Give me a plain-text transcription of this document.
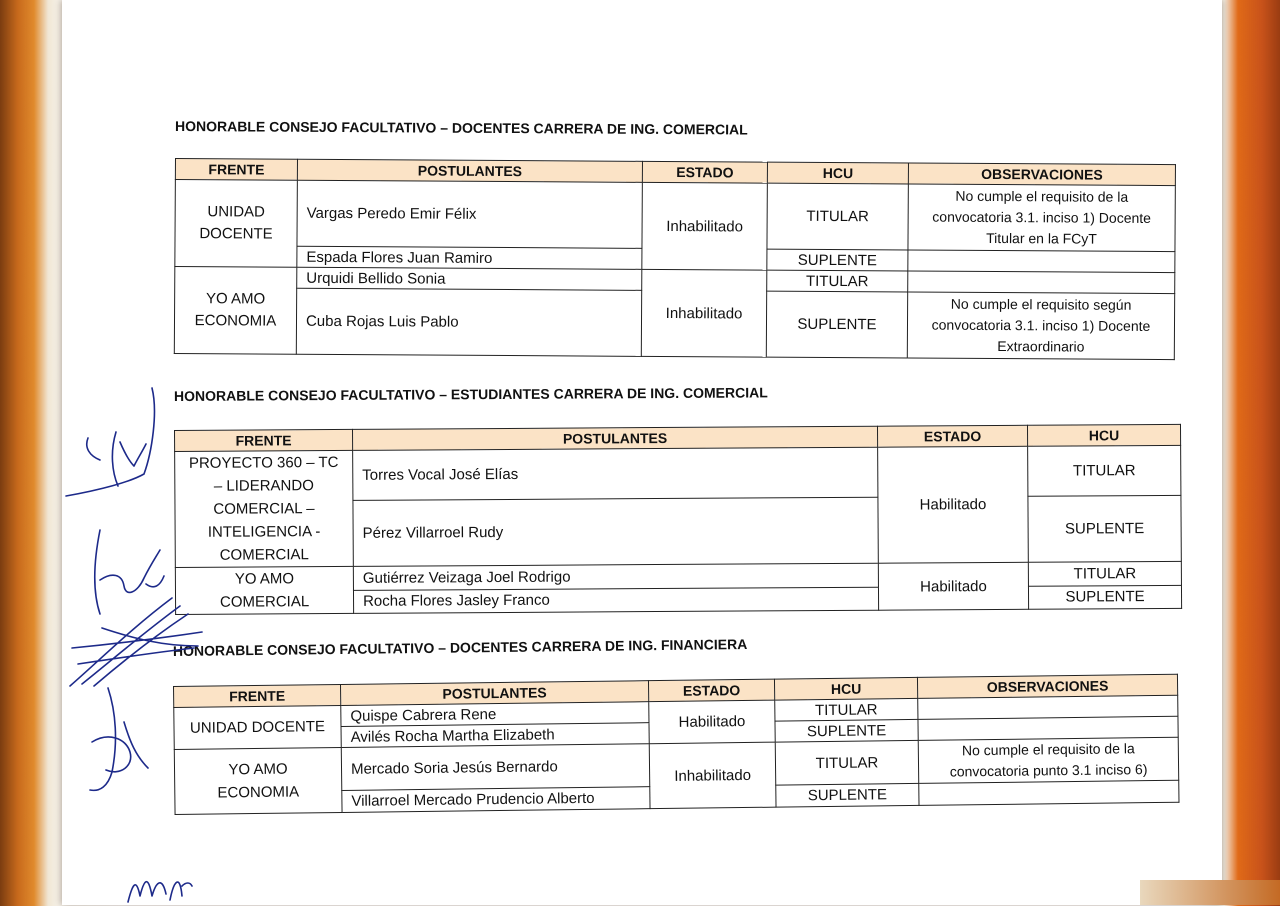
HONORABLE CONSEJO FACULTATIVO – DOCENTES CARRERA DE ING. COMERCIAL
FRENTE	POSTULANTES	ESTADO	HCU	OBSERVACIONES
UNIDAD DOCENTE	Vargas Peredo Emir Félix	Inhabilitado	TITULAR	No cumple el requisito de la convocatoria 3.1. inciso 1) Docente Titular en la FCyT
	Espada Flores Juan Ramiro		SUPLENTE	
YO AMO ECONOMIA	Urquidi Bellido Sonia	Inhabilitado	TITULAR	
	Cuba Rojas Luis Pablo		SUPLENTE	No cumple el requisito según convocatoria 3.1. inciso 1) Docente Extraordinario
HONORABLE CONSEJO FACULTATIVO – ESTUDIANTES CARRERA DE ING. COMERCIAL
FRENTE	POSTULANTES	ESTADO	HCU
PROYECTO 360 – TC – LIDERANDO COMERCIAL – INTELIGENCIA - COMERCIAL	Torres Vocal José Elías	Habilitado	TITULAR
	Pérez Villarroel Rudy		SUPLENTE
YO AMO COMERCIAL	Gutiérrez Veizaga Joel Rodrigo	Habilitado	TITULAR
	Rocha Flores Jasley Franco		SUPLENTE
HONORABLE CONSEJO FACULTATIVO – DOCENTES CARRERA DE ING. FINANCIERA
FRENTE	POSTULANTES	ESTADO	HCU	OBSERVACIONES
UNIDAD DOCENTE	Quispe Cabrera Rene	Habilitado	TITULAR	
	Avilés Rocha Martha Elizabeth		SUPLENTE	
YO AMO ECONOMIA	Mercado Soria Jesús Bernardo	Inhabilitado	TITULAR	No cumple el requisito de la convocatoria punto 3.1 inciso 6)
	Villarroel Mercado Prudencio Alberto		SUPLENTE	
